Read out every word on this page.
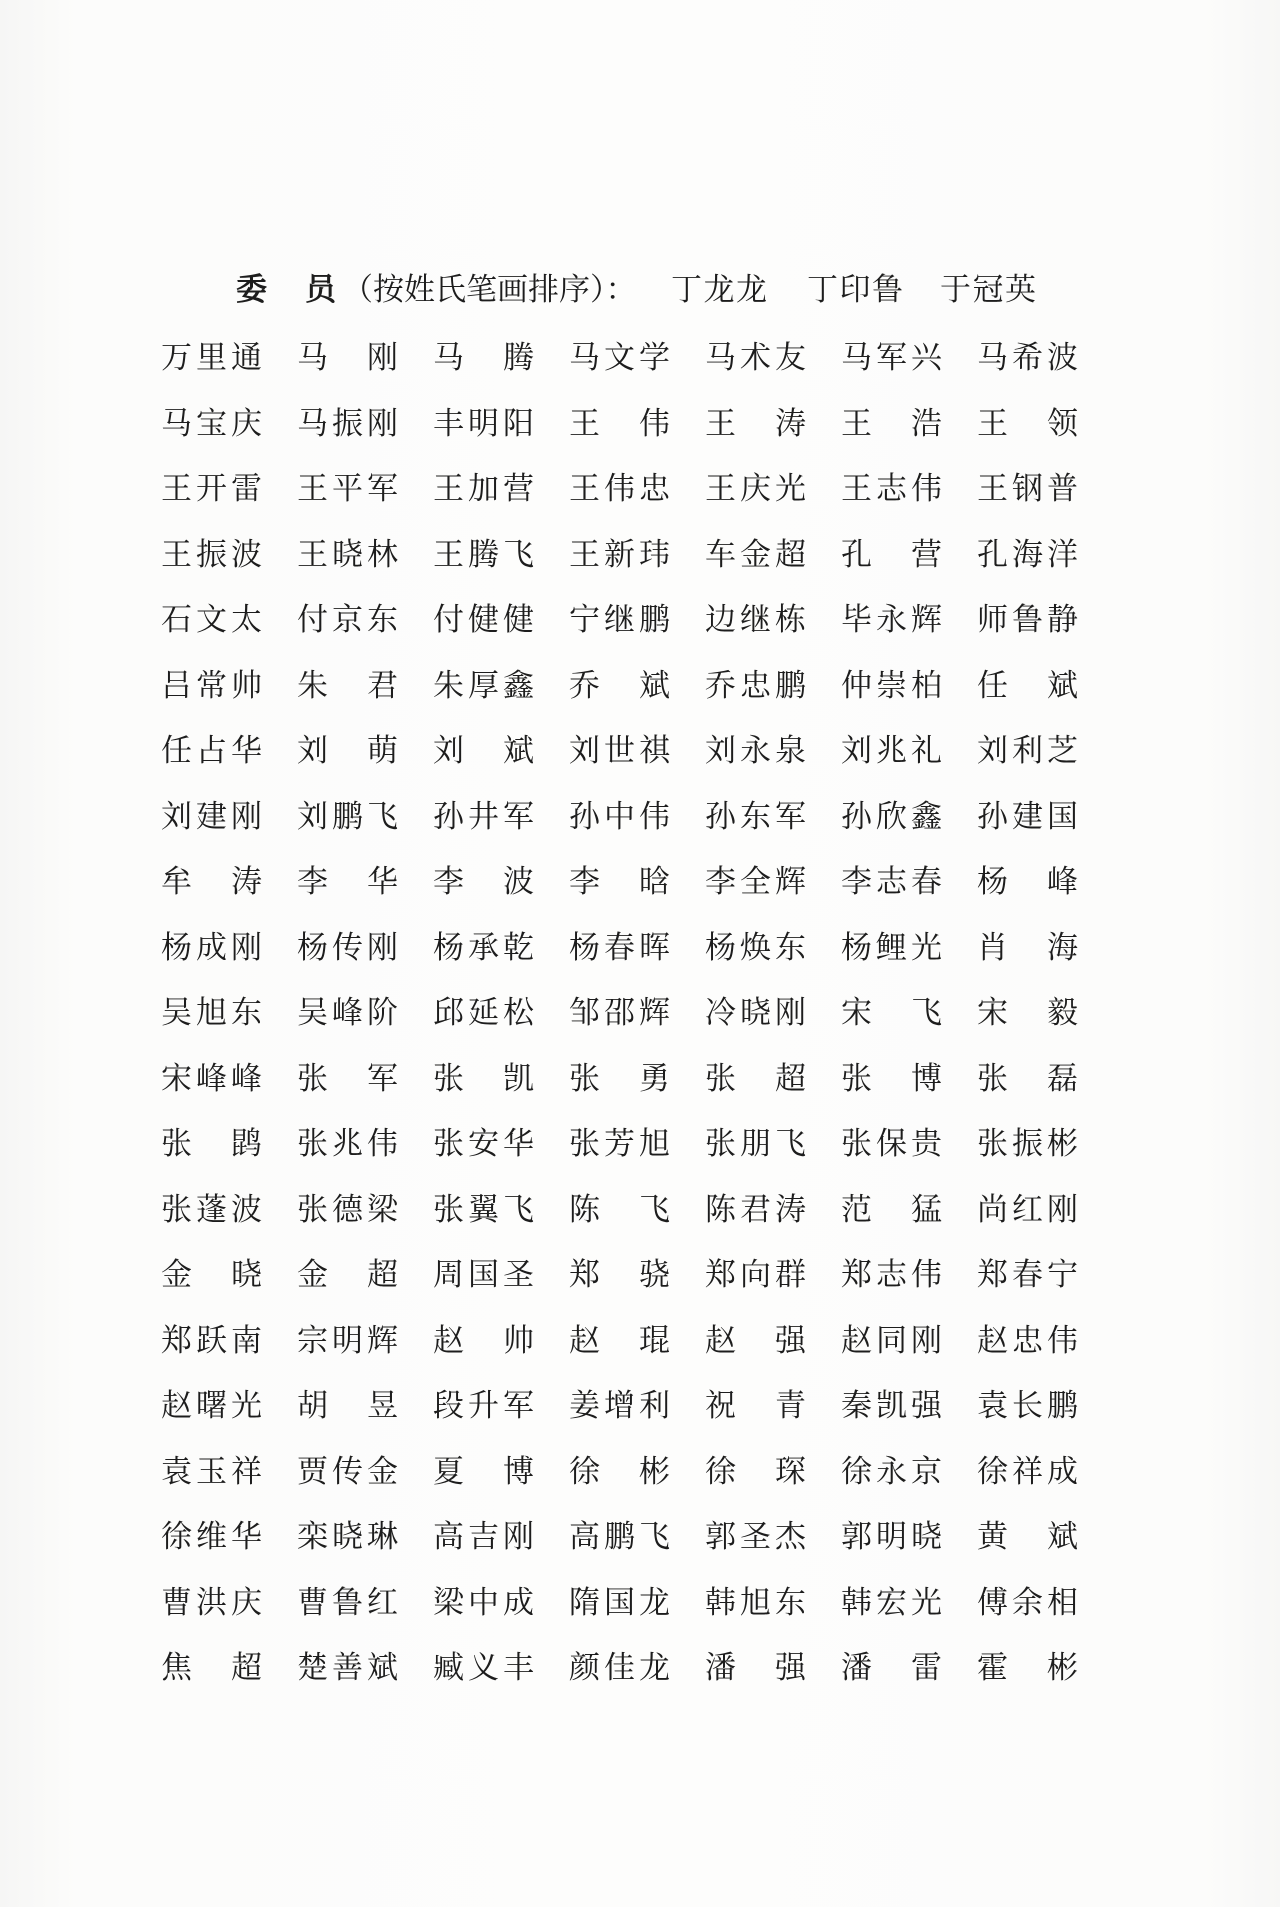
委 员 （按姓氏笔画排序）：	丁龙龙 丁印鲁 于冠英
万里通 马 刚 马 腾 马文学 马术友 马军兴 马希波
马宝庆 马振刚 丰明阳 王 伟 王 涛 王 浩 王 领
王开雷 王平军 王加营 王伟忠 王庆光 王志伟 王钢普
王振波 王晓林 王腾飞 王新玮 车金超 孔 营 孔海洋
石文太 付京东 付健健 宁继鹏 边继栋 毕永辉 师鲁静
吕常帅 朱 君 朱厚鑫 乔 斌 乔忠鹏 仲崇柏 任 斌
任占华 刘 萌 刘 斌 刘世祺 刘永泉 刘兆礼 刘利芝
刘建刚 刘鹏飞 孙井军 孙中伟 孙东军 孙欣鑫 孙建国
牟 涛 李 华 李 波 李 晗 李全辉 李志春 杨 峰
杨成刚 杨传刚 杨承乾 杨春晖 杨焕东 杨鲤光 肖 海
吴旭东 吴峰阶 邱延松 邹邵辉 冷晓刚 宋 飞 宋 毅
宋峰峰 张 军 张 凯 张 勇 张 超 张 博 张 磊
张 鹍 张兆伟 张安华 张芳旭 张朋飞 张保贵 张振彬
张蓬波 张德梁 张翼飞 陈 飞 陈君涛 范 猛 尚红刚
金 晓 金 超 周国圣 郑 骁 郑向群 郑志伟 郑春宁
郑跃南 宗明辉 赵 帅 赵 琨 赵 强 赵同刚 赵忠伟
赵曙光 胡 昱 段升军 姜增利 祝 青 秦凯强 袁长鹏
袁玉祥 贾传金 夏 博 徐 彬 徐 琛 徐永京 徐祥成
徐维华 栾晓琳 高吉刚 高鹏飞 郭圣杰 郭明晓 黄 斌
曹洪庆 曹鲁红 梁中成 隋国龙 韩旭东 韩宏光 傅余相
焦 超 楚善斌 臧义丰 颜佳龙 潘 强 潘 雷 霍 彬
